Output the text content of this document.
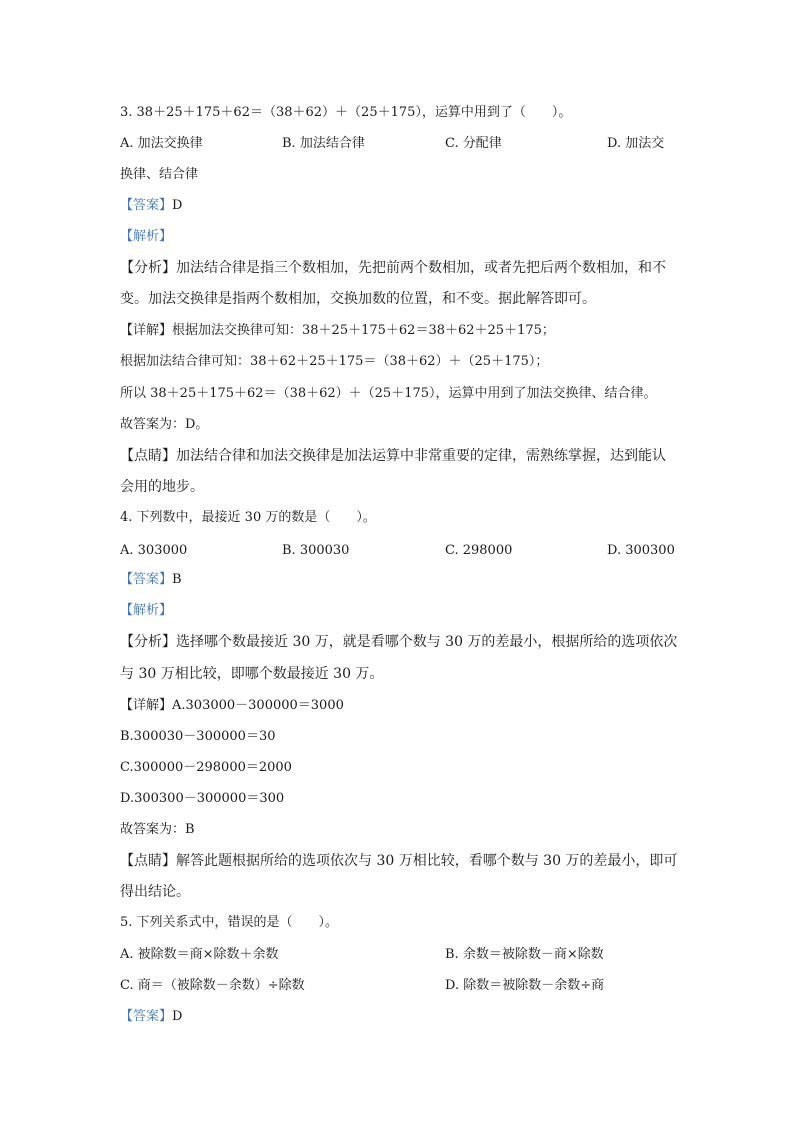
3. 38＋25＋175＋62＝（38＋62）＋（25＋175），运算中用到了（　　）。
A. 加法交换律	B. 加法结合律	C. 分配律	D. 加法交
换律、结合律
【答案】D
【解析】
【分析】加法结合律是指三个数相加，先把前两个数相加，或者先把后两个数相加，和不
变。加法交换律是指两个数相加，交换加数的位置，和不变。据此解答即可。
【详解】根据加法交换律可知：38＋25＋175＋62＝38＋62＋25＋175；
根据加法结合律可知：38＋62＋25＋175＝（38＋62）＋（25＋175）；
所以 38＋25＋175＋62＝（38＋62）＋（25＋175），运算中用到了加法交换律、结合律。
故答案为：D。
【点睛】加法结合律和加法交换律是加法运算中非常重要的定律，需熟练掌握，达到能认
会用的地步。
4. 下列数中，最接近 30 万的数是（　　）。
A. 303000	B. 300030	C. 298000	D. 300300
【答案】B
【解析】
【分析】选择哪个数最接近 30 万，就是看哪个数与 30 万的差最小，根据所给的选项依次
与 30 万相比较，即哪个数最接近 30 万。
【详解】A.303000－300000＝3000
B.300030－300000＝30
C.300000－298000＝2000
D.300300－300000＝300
故答案为：B
【点睛】解答此题根据所给的选项依次与 30 万相比较，看哪个数与 30 万的差最小，即可
得出结论。
5. 下列关系式中，错误的是（　　）。
A. 被除数＝商×除数＋余数	B. 余数＝被除数－商×除数
C. 商＝（被除数－余数）÷除数	D. 除数＝被除数－余数÷商
【答案】D
